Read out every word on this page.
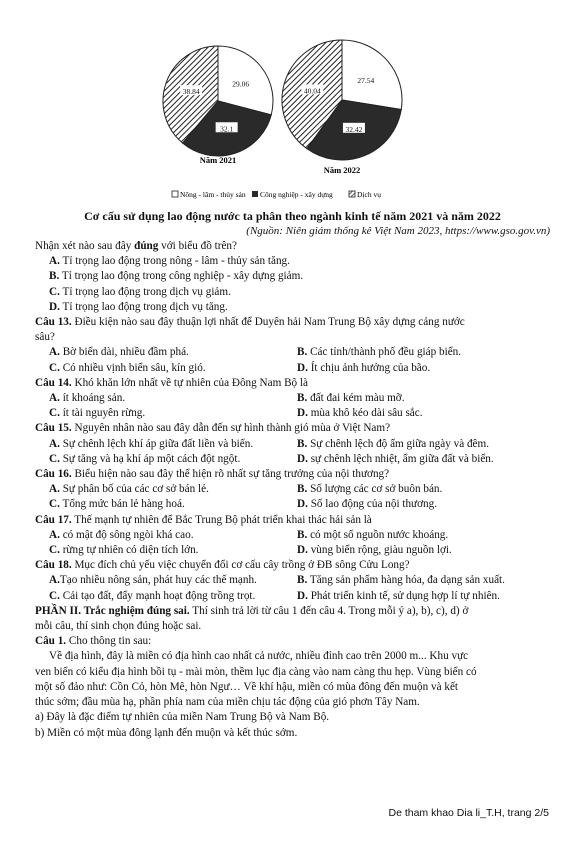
29.06
32.1
38.84
27.54
32.42
40.04
Năm 2021
Năm 2022
Nông - lâm - thủy sản Công nghiệp - xây dựng	Dịch vụ
Cơ cấu sử dụng lao động nước ta phân theo ngành kinh tế năm 2021 và năm 2022
(Nguồn: Niên giám thống kê Việt Nam 2023, https://www.gso.gov.vn)
Nhận xét nào sau đây đúng với biểu đồ trên?
A. Tỉ trọng lao động trong nông - lâm - thủy sản tăng.
B. Tỉ trọng lao động trong công nghiệp - xây dựng giảm.
C. Tỉ trọng lao động trong dịch vụ giảm.
D. Tỉ trọng lao động trong dịch vụ tăng.
Câu 13. Điều kiện nào sau đây thuận lợi nhất để Duyên hải Nam Trung Bộ xây dựng cảng nước
sâu?
A. Bờ biển dài, nhiều đầm phá.	B. Các tỉnh/thành phố đều giáp biển.
C. Có nhiều vịnh biển sâu, kín gió.	D. Ít chịu ảnh hưởng của bão.
Câu 14. Khó khăn lớn nhất về tự nhiên của Đông Nam Bộ là
A. ít khoáng sản.	B. đất đai kém màu mỡ.
C. ít tài nguyên rừng.	D. mùa khô kéo dài sâu sắc.
Câu 15. Nguyên nhân nào sau đây dẫn đến sự hình thành gió mùa ở Việt Nam?
A. Sự chênh lệch khí áp giữa đất liền và biển.	B. Sự chênh lệch độ ẩm giữa ngày và đêm.
C. Sự tăng và hạ khí áp một cách đột ngột.	D. sự chênh lệch nhiệt, ẩm giữa đất và biển.
Câu 16. Biểu hiện nào sau đây thể hiện rõ nhất sự tăng trưởng của nội thương?
A. Sự phân bố của các cơ sở bán lẻ.	B. Số lượng các cơ sở buôn bán.
C. Tổng mức bán lẻ hàng hoá.	D. Số lao động của nội thương.
Câu 17. Thế mạnh tự nhiên để Bắc Trung Bộ phát triển khai thác hải sản là
A. có mật độ sông ngòi khá cao.	B. có một số nguồn nước khoáng.
C. rừng tự nhiên có diện tích lớn.	D. vùng biển rộng, giàu nguồn lợi.
Câu 18. Mục đích chủ yếu việc chuyển đổi cơ cấu cây trồng ở ĐB sông Cửu Long?
A.Tạo nhiều nông sản, phát huy các thế mạnh.	B. Tăng sản phẩm hàng hóa, đa dạng sản xuất.
C. Cải tạo đất, đẩy mạnh hoạt động trồng trọt.	D. Phát triển kinh tế, sử dụng hợp lí tự nhiên.
PHẦN II. Trắc nghiệm đúng sai. Thí sinh trả lời từ câu 1 đến câu 4. Trong mỗi ý a), b), c), d) ở
mỗi câu, thí sinh chọn đúng hoặc sai.
Câu 1. Cho thông tin sau:
Về địa hình, đây là miền có địa hình cao nhất cả nước, nhiều đỉnh cao trên 2000 m... Khu vực
ven biển có kiểu địa hình bồi tụ - mài mòn, thềm lục địa càng vào nam càng thu hẹp. Vùng biển có
một số đảo như: Cồn Cỏ, hòn Mê, hòn Ngư… Về khí hậu, miền có mùa đông đến muộn và kết
thúc sớm; đầu mùa hạ, phần phía nam của miền chịu tác động của gió phơn Tây Nam.
a) Đây là đặc điểm tự nhiên của miền Nam Trung Bộ và Nam Bộ.
b) Miền có một mùa đông lạnh đến muộn và kết thúc sớm.
De tham khao Dia li_T.H, trang 2/5
